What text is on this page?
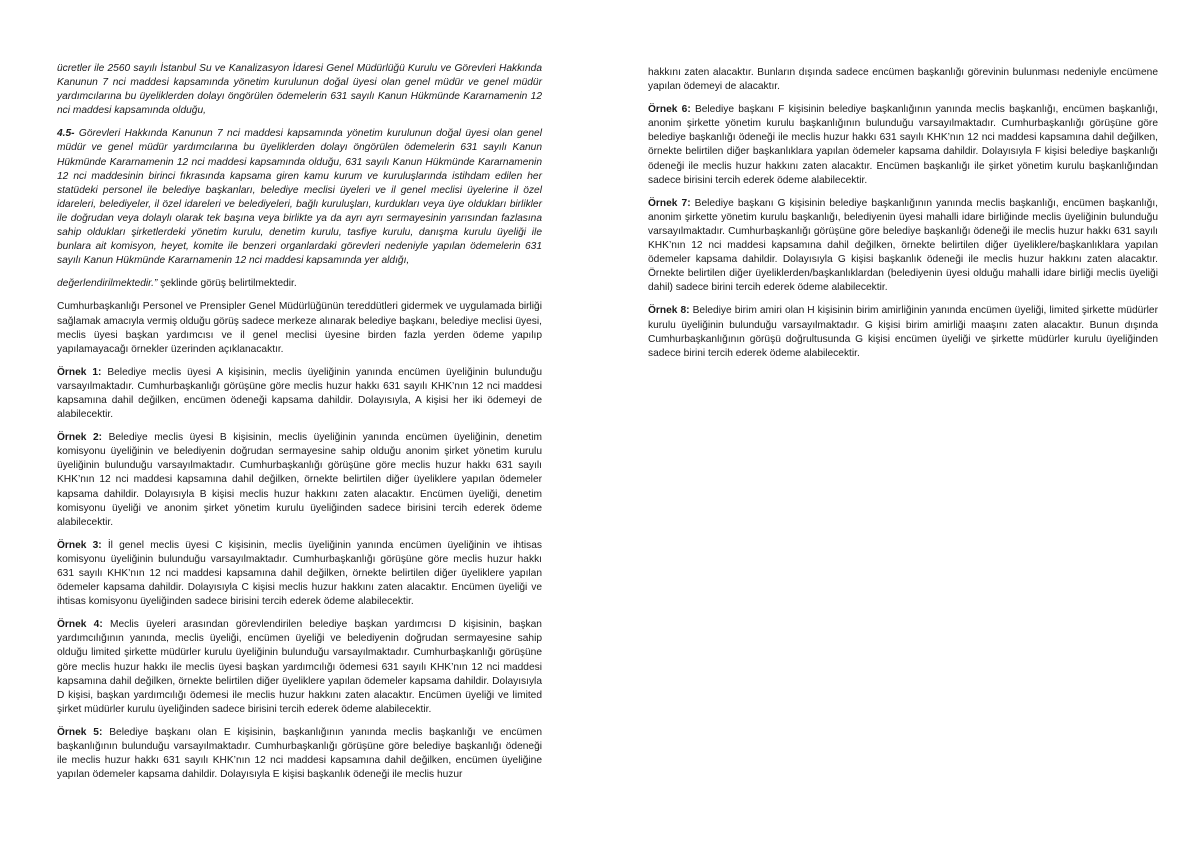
ücretler ile 2560 sayılı İstanbul Su ve Kanalizasyon İdaresi Genel Müdürlüğü Kurulu ve Görevleri Hakkında Kanunun 7 nci maddesi kapsamında yönetim kurulunun doğal üyesi olan genel müdür ve genel müdür yardımcılarına bu üyeliklerden dolayı öngörülen ödemelerin 631 sayılı Kanun Hükmünde Kararnamenin 12 nci maddesi kapsamında olduğu,

4.5- Görevleri Hakkında Kanunun 7 nci maddesi kapsamında yönetim kurulunun doğal üyesi olan genel müdür ve genel müdür yardımcılarına bu üyeliklerden dolayı öngörülen ödemelerin 631 sayılı Kanun Hükmünde Kararnamenin 12 nci maddesi kapsamında olduğu, 631 sayılı Kanun Hükmünde Kararnamenin 12 nci maddesinin birinci fıkrasında kapsama giren kamu kurum ve kuruluşlarında istihdam edilen her statüdeki personel ile belediye başkanları, belediye meclisi üyeleri ve il genel meclisi üyelerine il özel idareleri, belediyeler, il özel idareleri ve belediyeleri, bağlı kuruluşları, kurdukları veya üye oldukları birlikler ile doğrudan veya dolaylı olarak tek başına veya birlikte ya da ayrı ayrı sermayesinin yarısından fazlasına sahip oldukları şirketlerdeki yönetim kurulu, denetim kurulu, tasfiye kurulu, danışma kurulu üyeliği ile bunlara ait komisyon, heyet, komite ile benzeri organlardaki görevleri nedeniyle yapılan ödemelerin 631 sayılı Kanun Hükmünde Kararnamenin 12 nci maddesi kapsamında yer aldığı,

değerlendirilmektedir.” şeklinde görüş belirtilmektedir.

Cumhurbaşkanlığı Personel ve Prensipler Genel Müdürlüğünün tereddütleri gidermek ve uygulamada birliği sağlamak amacıyla vermiş olduğu görüş sadece merkeze alınarak belediye başkanı, belediye meclisi üyesi, meclis üyesi başkan yardımcısı ve il genel meclisi üyesine birden fazla yerden ödeme yapılıp yapılamayacağı örnekler üzerinden açıklanacaktır.

Örnek 1: Belediye meclis üyesi A kişisinin, meclis üyeliğinin yanında encümen üyeliğinin bulunduğu varsayılmaktadır. Cumhurbaşkanlığı görüşüne göre meclis huzur hakkı 631 sayılı KHK’nın 12 nci maddesi kapsamına dahil değilken, encümen ödeneği kapsama dahildir. Dolayısıyla, A kişisi her iki ödemeyi de alabilecektir.

Örnek 2: Belediye meclis üyesi B kişisinin, meclis üyeliğinin yanında encümen üyeliğinin, denetim komisyonu üyeliğinin ve belediyenin doğrudan sermayesine sahip olduğu anonim şirket yönetim kurulu üyeliğinin bulunduğu varsayılmaktadır. Cumhurbaşkanlığı görüşüne göre meclis huzur hakkı 631 sayılı KHK’nın 12 nci maddesi kapsamına dahil değilken, örnekte belirtilen diğer üyeliklere yapılan ödemeler kapsama dahildir. Dolayısıyla B kişisi meclis huzur hakkını zaten alacaktır. Encümen üyeliği, denetim komisyonu üyeliği ve anonim şirket yönetim kurulu üyeliğinden sadece birisini tercih ederek ödeme alabilecektir.

Örnek 3: İl genel meclis üyesi C kişisinin, meclis üyeliğinin yanında encümen üyeliğinin ve ihtisas komisyonu üyeliğinin bulunduğu varsayılmaktadır. Cumhurbaşkanlığı görüşüne göre meclis huzur hakkı 631 sayılı KHK’nın 12 nci maddesi kapsamına dahil değilken, örnekte belirtilen diğer üyeliklere yapılan ödemeler kapsama dahildir. Dolayısıyla C kişisi meclis huzur hakkını zaten alacaktır. Encümen üyeliği ve ihtisas komisyonu üyeliğinden sadece birisini tercih ederek ödeme alabilecektir.

Örnek 4: Meclis üyeleri arasından görevlendirilen belediye başkan yardımcısı D kişisinin, başkan yardımcılığının yanında, meclis üyeliği, encümen üyeliği ve belediyenin doğrudan sermayesine sahip olduğu limited şirkette müdürler kurulu üyeliğinin bulunduğu varsayılmaktadır. Cumhurbaşkanlığı görüşüne göre meclis huzur hakkı ile meclis üyesi başkan yardımcılığı ödemesi 631 sayılı KHK’nın 12 nci maddesi kapsamına dahil değilken, örnekte belirtilen diğer üyeliklere yapılan ödemeler kapsama dahildir. Dolayısıyla D kişisi, başkan yardımcılığı ödemesi ile meclis huzur hakkını zaten alacaktır. Encümen üyeliği ve limited şirket müdürler kurulu üyeliğinden sadece birisini tercih ederek ödeme alabilecektir.

Örnek 5: Belediye başkanı olan E kişisinin, başkanlığının yanında meclis başkanlığı ve encümen başkanlığının bulunduğu varsayılmaktadır. Cumhurbaşkanlığı görüşüne göre belediye başkanlığı ödeneği ile meclis huzur hakkı 631 sayılı KHK’nın 12 nci maddesi kapsamına dahil değilken, encümen üyeliğine yapılan ödemeler kapsama dahildir. Dolayısıyla E kişisi başkanlık ödeneği ile meclis huzur

hakkını zaten alacaktır. Bunların dışında sadece encümen başkanlığı görevinin bulunması nedeniyle encümene yapılan ödemeyi de alacaktır.

Örnek 6: Belediye başkanı F kişisinin belediye başkanlığının yanında meclis başkanlığı, encümen başkanlığı, anonim şirkette yönetim kurulu başkanlığının bulunduğu varsayılmaktadır. Cumhurbaşkanlığı görüşüne göre belediye başkanlığı ödeneği ile meclis huzur hakkı 631 sayılı KHK’nın 12 nci maddesi kapsamına dahil değilken, örnekte belirtilen diğer başkanlıklara yapılan ödemeler kapsama dahildir. Dolayısıyla F kişisi belediye başkanlığı ödeneği ile meclis huzur hakkını zaten alacaktır. Encümen başkanlığı ile şirket yönetim kurulu başkanlığından sadece birisini tercih ederek ödeme alabilecektir.

Örnek 7: Belediye başkanı G kişisinin belediye başkanlığının yanında meclis başkanlığı, encümen başkanlığı, anonim şirkette yönetim kurulu başkanlığı, belediyenin üyesi mahalli idare birliğinde meclis üyeliğinin bulunduğu varsayılmaktadır. Cumhurbaşkanlığı görüşüne göre belediye başkanlığı ödeneği ile meclis huzur hakkı 631 sayılı KHK’nın 12 nci maddesi kapsamına dahil değilken, örnekte belirtilen diğer üyeliklere/başkanlıklara yapılan ödemeler kapsama dahildir. Dolayısıyla G kişisi başkanlık ödeneği ile meclis huzur hakkını zaten alacaktır. Örnekte belirtilen diğer üyeliklerden/başkanlıklardan (belediyenin üyesi olduğu mahalli idare birliği meclis üyeliği dahil) sadece birini tercih ederek ödeme alabilecektir.

Örnek 8: Belediye birim amiri olan H kişisinin birim amirliğinin yanında encümen üyeliği, limited şirkette müdürler kurulu üyeliğinin bulunduğu varsayılmaktadır. G kişisi birim amirliği maaşını zaten alacaktır. Bunun dışında Cumhurbaşkanlığının görüşü doğrultusunda G kişisi encümen üyeliği ve şirkette müdürler kurulu üyeliğinden sadece birini tercih ederek ödeme alabilecektir.
